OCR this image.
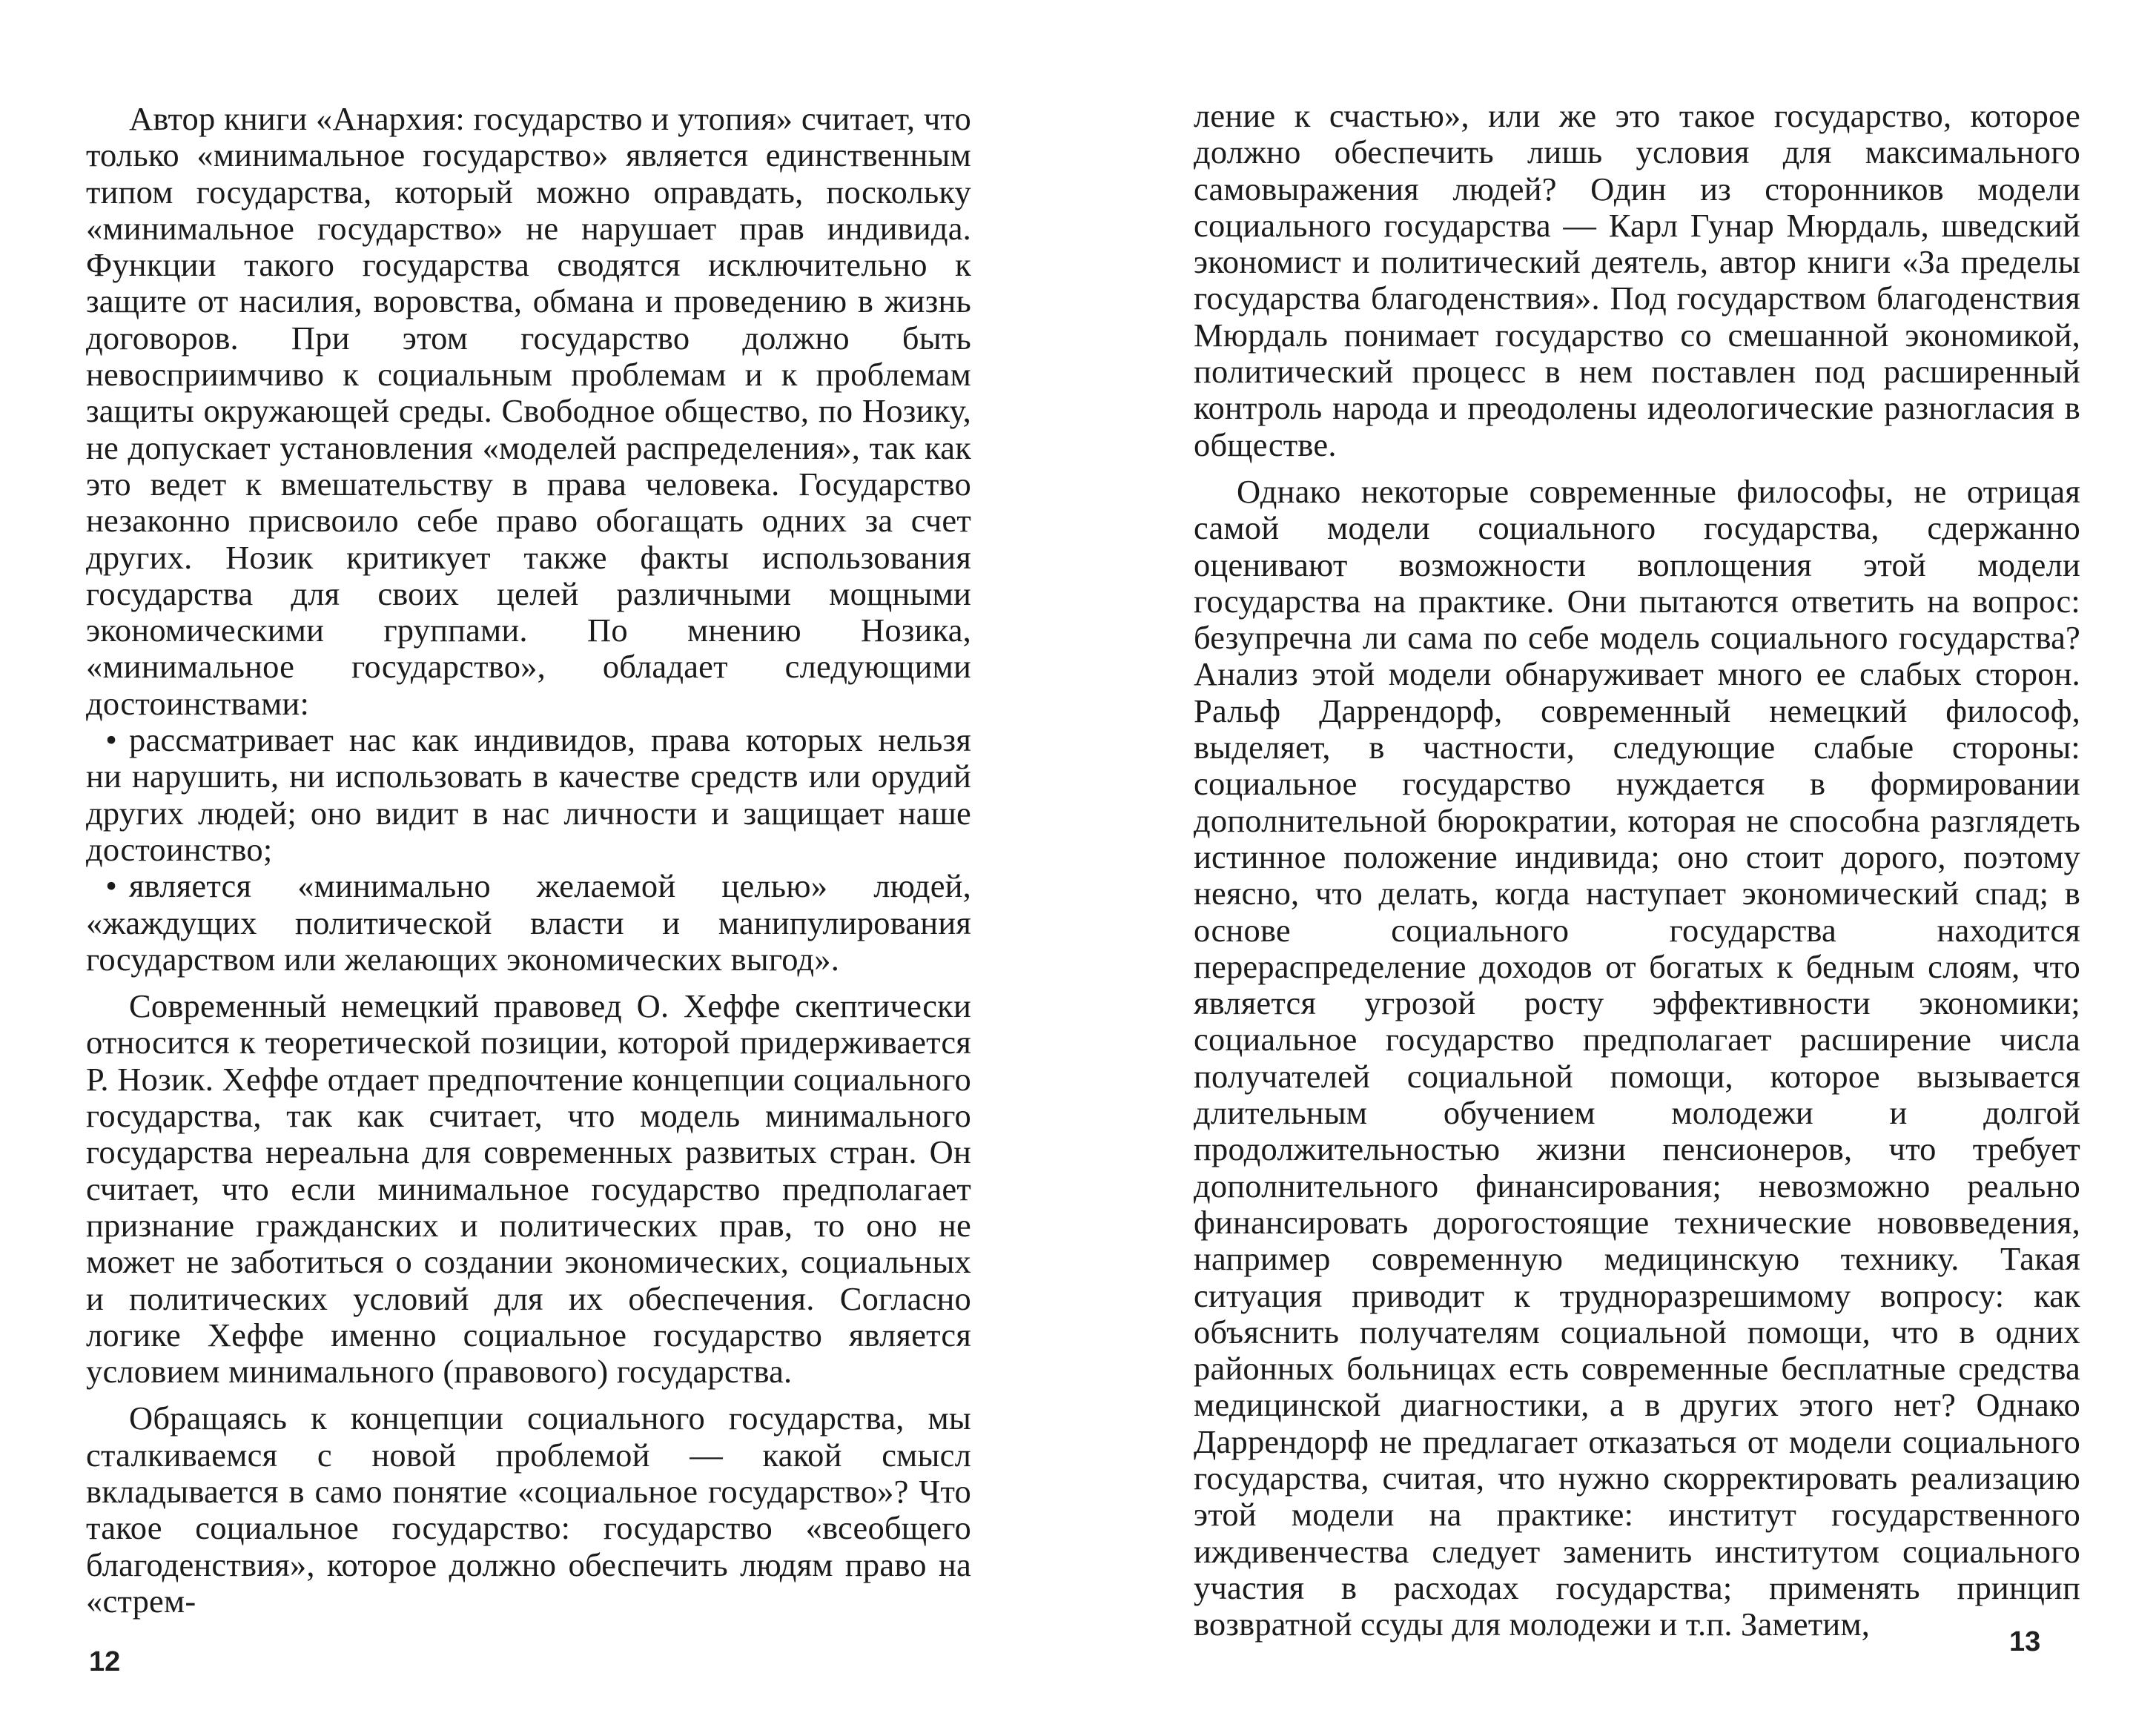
Автор книги «Анархия: государство и утопия» считает, что только «минимальное государство» является единственным типом государства, который можно оправдать, поскольку «минимальное государство» не нарушает прав индивида. Функции такого государства сводятся исключительно к защите от насилия, воровства, обмана и проведению в жизнь договоров. При этом государство должно быть невосприимчиво к социальным проблемам и к проблемам защиты окружающей среды. Свободное общество, по Нозику, не допускает установления «моделей распределения», так как это ведет к вмешательству в права человека. Государство незаконно присвоило себе право обогащать одних за счет других. Нозик критикует также факты использования государства для своих целей различными мощными экономическими группами. По мнению Нозика, «минимальное государство», обладает следующими достоинствами:

• рассматривает нас как индивидов, права которых нельзя ни нарушить, ни использовать в качестве средств или орудий других людей; оно видит в нас личности и защищает наше достоинство;

• является «минимально желаемой целью» людей, «жаждущих политической власти и манипулирования государством или желающих экономических выгод».

Современный немецкий правовед О. Хеффе скептически относится к теоретической позиции, которой придерживается Р. Нозик. Хеффе отдает предпочтение концепции социального государства, так как считает, что модель минимального государства нереальна для современных развитых стран. Он считает, что если минимальное государство предполагает признание гражданских и политических прав, то оно не может не заботиться о создании экономических, социальных и политических условий для их обеспечения. Согласно логике Хеффе именно социальное государство является условием минимального (правового) государства.

Обращаясь к концепции социального государства, мы сталкиваемся с новой проблемой — какой смысл вкладывается в само понятие «социальное государство»? Что такое социальное государство: государство «всеобщего благоденствия», которое должно обеспечить людям право на «стрем-

12

ление к счастью», или же это такое государство, которое должно обеспечить лишь условия для максимального самовыражения людей? Один из сторонников модели социального государства — Карл Гунар Мюрдаль, шведский экономист и политический деятель, автор книги «За пределы государства благоденствия». Под государством благоденствия Мюрдаль понимает государство со смешанной экономикой, политический процесс в нем поставлен под расширенный контроль народа и преодолены идеологические разногласия в обществе.

Однако некоторые современные философы, не отрицая самой модели социального государства, сдержанно оценивают возможности воплощения этой модели государства на практике. Они пытаются ответить на вопрос: безупречна ли сама по себе модель социального государства? Анализ этой модели обнаруживает много ее слабых сторон. Ральф Даррендорф, современный немецкий философ, выделяет, в частности, следующие слабые стороны: социальное государство нуждается в формировании дополнительной бюрократии, которая не способна разглядеть истинное положение индивида; оно стоит дорого, поэтому неясно, что делать, когда наступает экономический спад; в основе социального государства находится перераспределение доходов от богатых к бедным слоям, что является угрозой росту эффективности экономики; социальное государство предполагает расширение числа получателей социальной помощи, которое вызывается длительным обучением молодежи и долгой продолжительностью жизни пенсионеров, что требует дополнительного финансирования; невозможно реально финансировать дорогостоящие технические нововведения, например современную медицинскую технику. Такая ситуация приводит к трудноразрешимому вопросу: как объяснить получателям социальной помощи, что в одних районных больницах есть современные бесплатные средства медицинской диагностики, а в других этого нет? Однако Даррендорф не предлагает отказаться от модели социального государства, считая, что нужно скорректировать реализацию этой модели на практике: институт государственного иждивенчества следует заменить институтом социального участия в расходах государства; применять принцип возвратной ссуды для молодежи и т.п. Заметим,	13
